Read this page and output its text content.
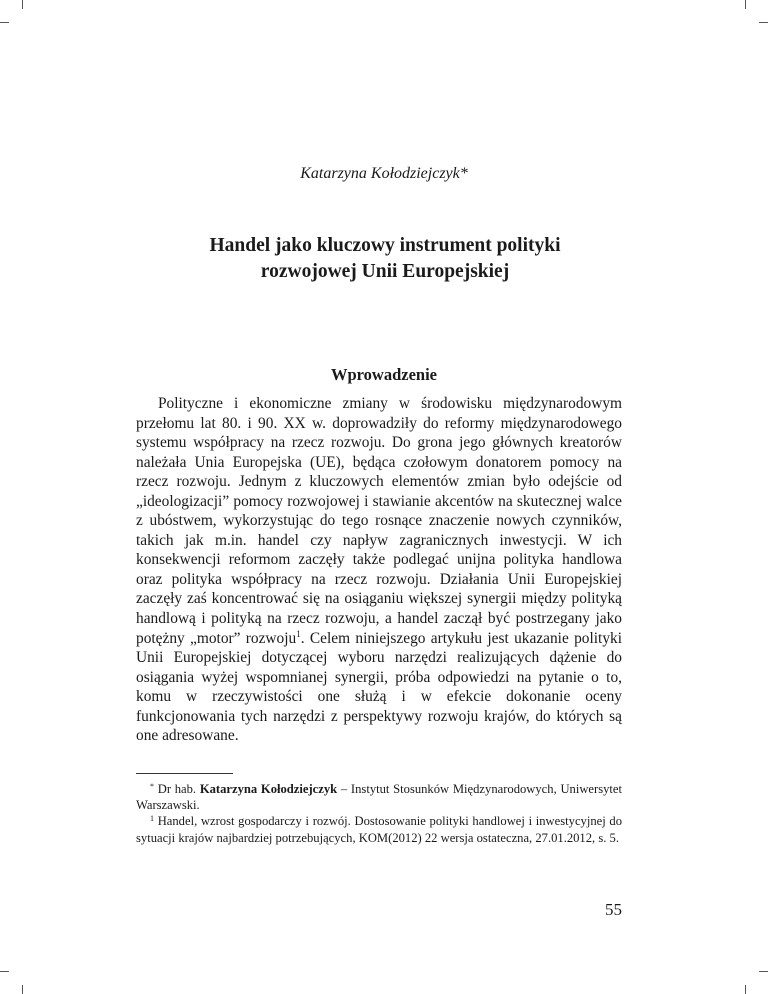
Katarzyna Kołodziejczyk*
Handel jako kluczowy instrument polityki
rozwojowej Unii Europejskiej
Wprowadzenie

Polityczne i ekonomiczne zmiany w środowisku międzynarodowym przełomu lat 80. i 90. XX w. doprowadziły do reformy międzynarodowego systemu współpracy na rzecz rozwoju. Do grona jego głównych kreatorów należała Unia Europejska (UE), będąca czołowym donatorem pomocy na rzecz rozwoju. Jednym z kluczowych elementów zmian było odejście od „ideologizacji” pomocy rozwojowej i stawianie akcentów na skutecznej walce z ubóstwem, wykorzystując do tego rosnące znaczenie nowych czynników, takich jak m.in. handel czy napływ zagranicznych inwestycji. W ich konsekwencji reformom zaczęły także podlegać unijna polityka handlowa oraz polityka współpracy na rzecz rozwoju. Działania Unii Europejskiej zaczęły zaś koncentrować się na osiąganiu większej synergii między polityką handlową i polityką na rzecz rozwoju, a handel zaczął być postrzegany jako potężny „motor” rozwoju$^1$. Celem niniejszego artykułu jest ukazanie polityki Unii Europejskiej dotyczącej wyboru narzędzi realizujących dążenie do osiągania wyżej wspomnianej synergii, próba odpowiedzi na pytanie o to, komu w rzeczywistości one służą i w efekcie dokonanie oceny funkcjonowania tych narzędzi z perspektywy rozwoju krajów, do których są one adresowane.

* Dr hab. Katarzyna Kołodziejczyk – Instytut Stosunków Międzynarodowych, Uniwersytet Warszawski.

$^1$ Handel, wzrost gospodarczy i rozwój. Dostosowanie polityki handlowej i inwestycyjnej do sytuacji krajów najbardziej potrzebujących, KOM(2012) 22 wersja ostateczna, 27.01.2012, s. 5.

55
